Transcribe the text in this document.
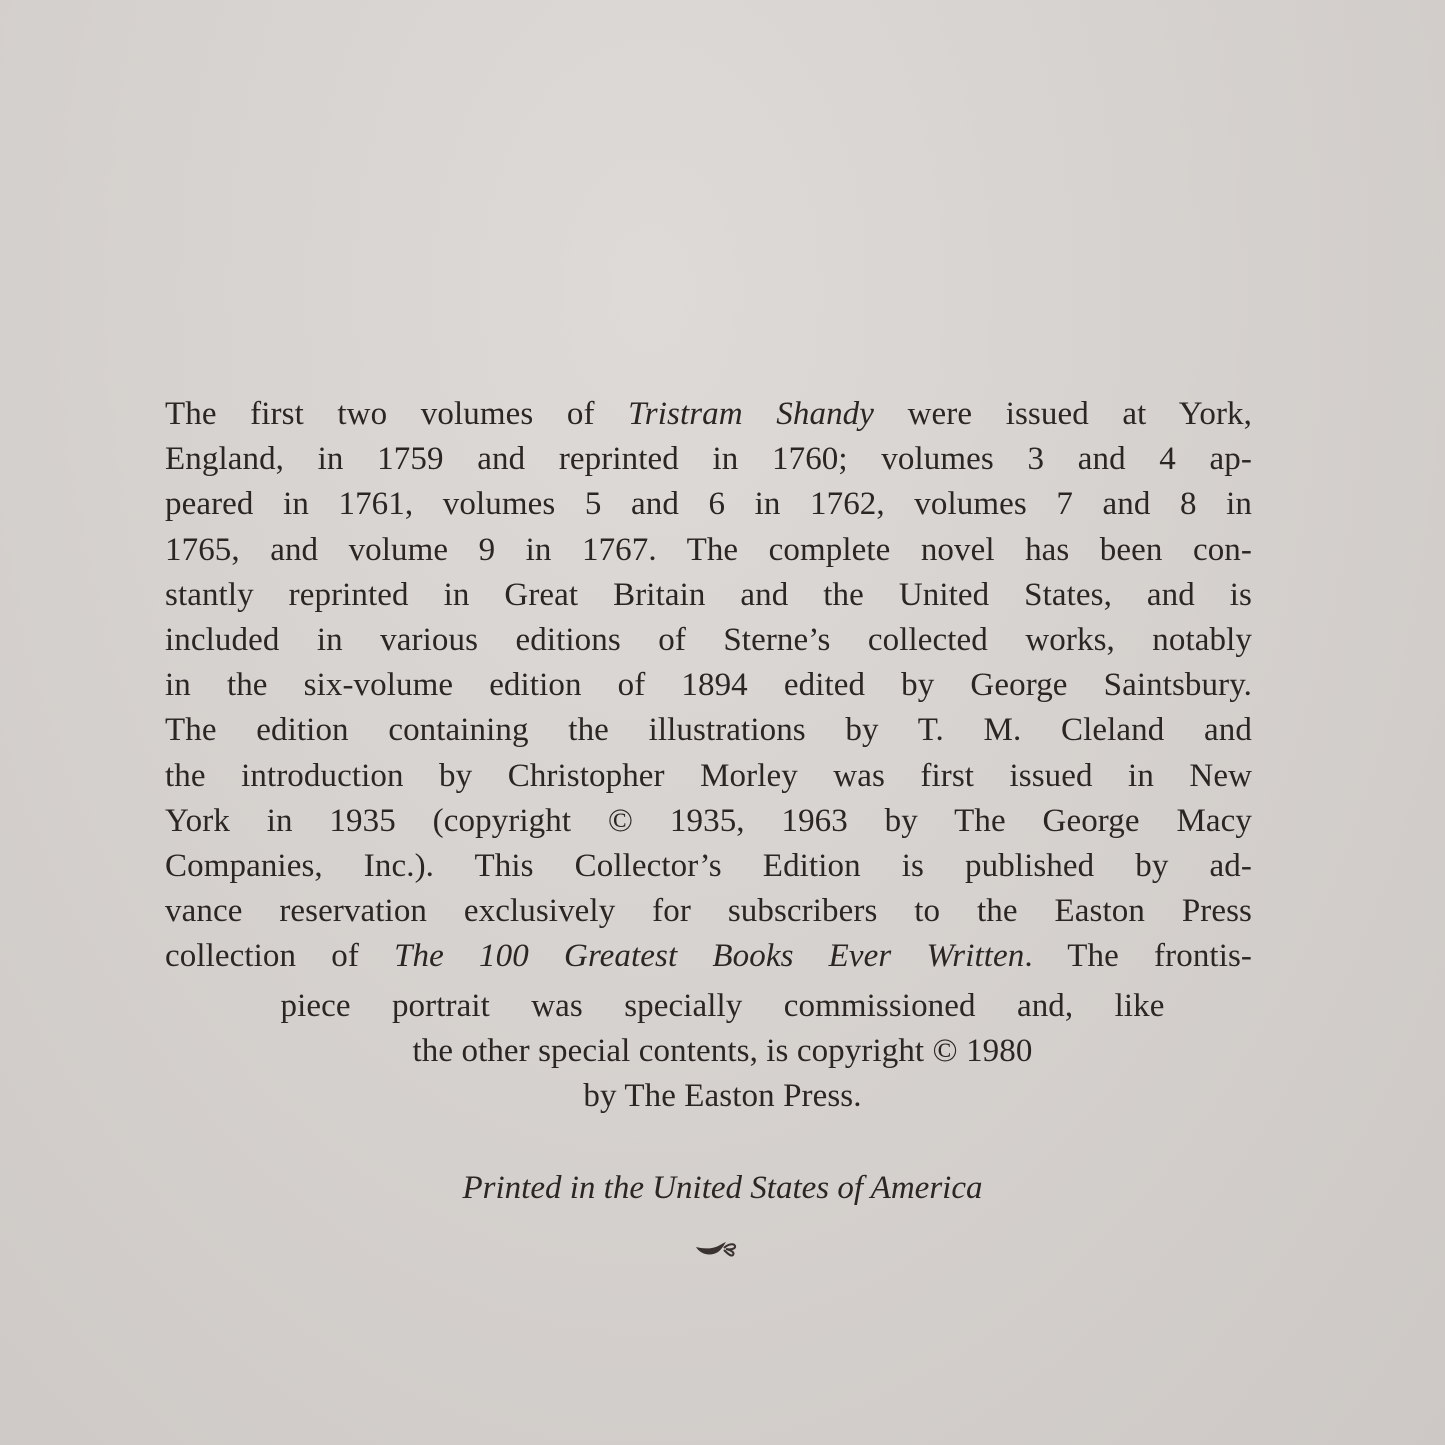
The first two volumes of Tristram Shandy were issued at York,
England, in 1759 and reprinted in 1760; volumes 3 and 4 ap-
peared in 1761, volumes 5 and 6 in 1762, volumes 7 and 8 in
1765, and volume 9 in 1767. The complete novel has been con-
stantly reprinted in Great Britain and the United States, and is
included in various editions of Sterne’s collected works, notably
in the six-volume edition of 1894 edited by George Saintsbury.
The edition containing the illustrations by T. M. Cleland and
the introduction by Christopher Morley was first issued in New
York in 1935 (copyright © 1935, 1963 by The George Macy
Companies, Inc.). This Collector’s Edition is published by ad-
vance reservation exclusively for subscribers to the Easton Press
collection of The 100 Greatest Books Ever Written. The frontis-
piece portrait was specially commissioned and, like
the other special contents, is copyright © 1980
by The Easton Press.
Printed in the United States of America
